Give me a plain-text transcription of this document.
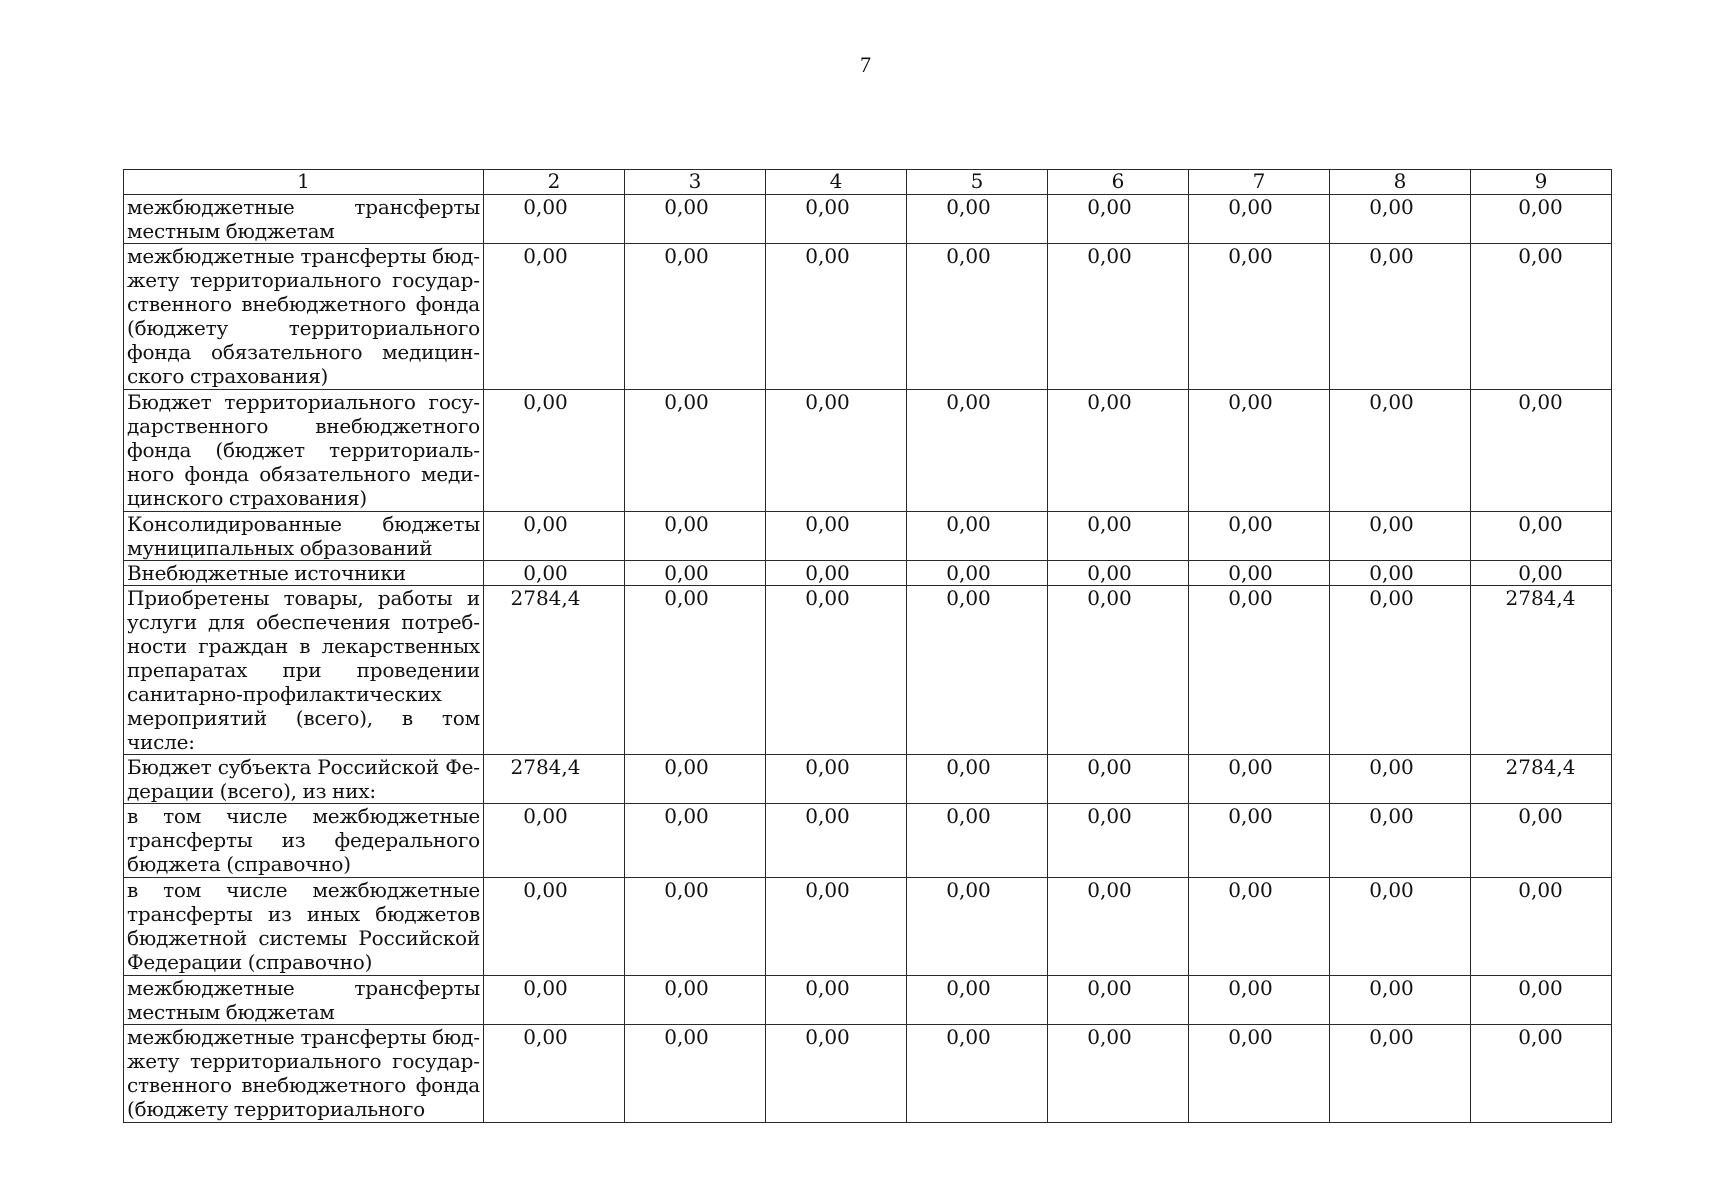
7
1	2	3	4	5	6	7	8	9
межбюджетные трансферты местным бюджетам	0,00	0,00	0,00	0,00	0,00	0,00	0,00	0,00
межбюджетные трансферты бюджету территориального государственного внебюджетного фонда (бюджету территориального фонда обязательного медицинского страхования)	0,00	0,00	0,00	0,00	0,00	0,00	0,00	0,00
Бюджет территориального государственного внебюджетного фонда (бюджет территориального фонда обязательного медицинского страхования)	0,00	0,00	0,00	0,00	0,00	0,00	0,00	0,00
Консолидированные бюджеты муниципальных образований	0,00	0,00	0,00	0,00	0,00	0,00	0,00	0,00
Внебюджетные источники	0,00	0,00	0,00	0,00	0,00	0,00	0,00	0,00
Приобретены товары, работы и услуги для обеспечения потребности граждан в лекарственных препаратах при проведении санитарно-профилактических мероприятий (всего), в том числе:	2784,4	0,00	0,00	0,00	0,00	0,00	0,00	2784,4
Бюджет субъекта Российской Федерации (всего), из них:	2784,4	0,00	0,00	0,00	0,00	0,00	0,00	2784,4
в том числе межбюджетные трансферты из федерального бюджета (справочно)	0,00	0,00	0,00	0,00	0,00	0,00	0,00	0,00
в том числе межбюджетные трансферты из иных бюджетов бюджетной системы Российской Федерации (справочно)	0,00	0,00	0,00	0,00	0,00	0,00	0,00	0,00
межбюджетные трансферты местным бюджетам	0,00	0,00	0,00	0,00	0,00	0,00	0,00	0,00
межбюджетные трансферты бюджету территориального государственного внебюджетного фонда (бюджету территориального	0,00	0,00	0,00	0,00	0,00	0,00	0,00	0,00
